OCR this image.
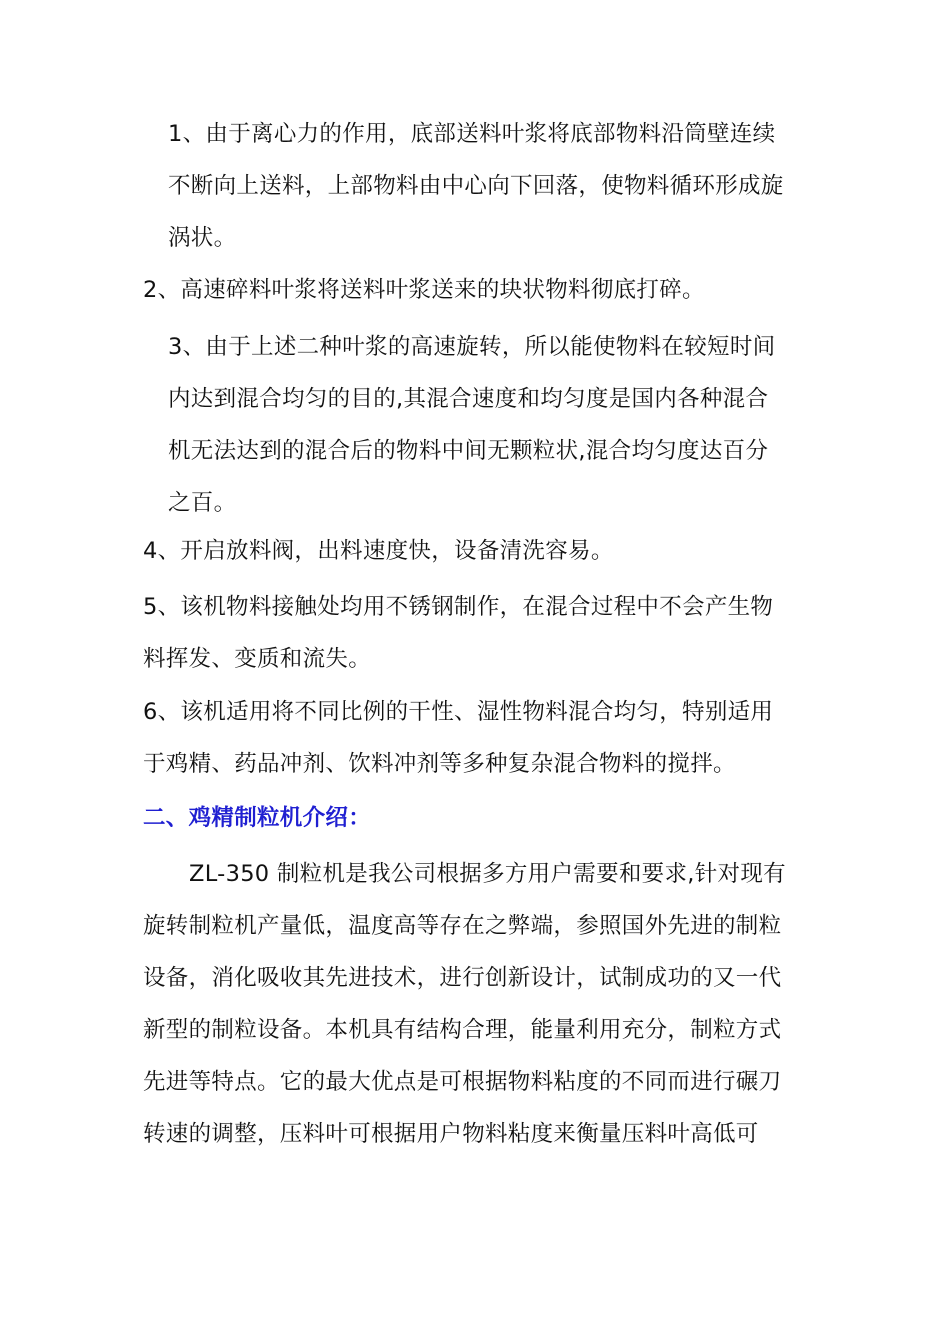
1、由于离心力的作用，底部送料叶浆将底部物料沿筒壁连续
不断向上送料，上部物料由中心向下回落，使物料循环形成旋
涡状。

2、高速碎料叶浆将送料叶浆送来的块状物料彻底打碎。

3、由于上述二种叶浆的高速旋转，所以能使物料在较短时间
内达到混合均匀的目的,其混合速度和均匀度是国内各种混合
机无法达到的混合后的物料中间无颗粒状,混合均匀度达百分
之百。

4、开启放料阀，出料速度快，设备清洗容易。

5、该机物料接触处均用不锈钢制作，在混合过程中不会产生物
料挥发、变质和流失。

6、该机适用将不同比例的干性、湿性物料混合均匀，特别适用
于鸡精、药品冲剂、饮料冲剂等多种复杂混合物料的搅拌。

二、鸡精制粒机介绍：

ZL-350 制粒机是我公司根据多方用户需要和要求,针对现有
旋转制粒机产量低，温度高等存在之弊端，参照国外先进的制粒
设备，消化吸收其先进技术，进行创新设计，试制成功的又一代
新型的制粒设备。本机具有结构合理，能量利用充分，制粒方式
先进等特点。它的最大优点是可根据物料粘度的不同而进行碾刀
转速的调整，压料叶可根据用户物料粘度来衡量压料叶高低可
